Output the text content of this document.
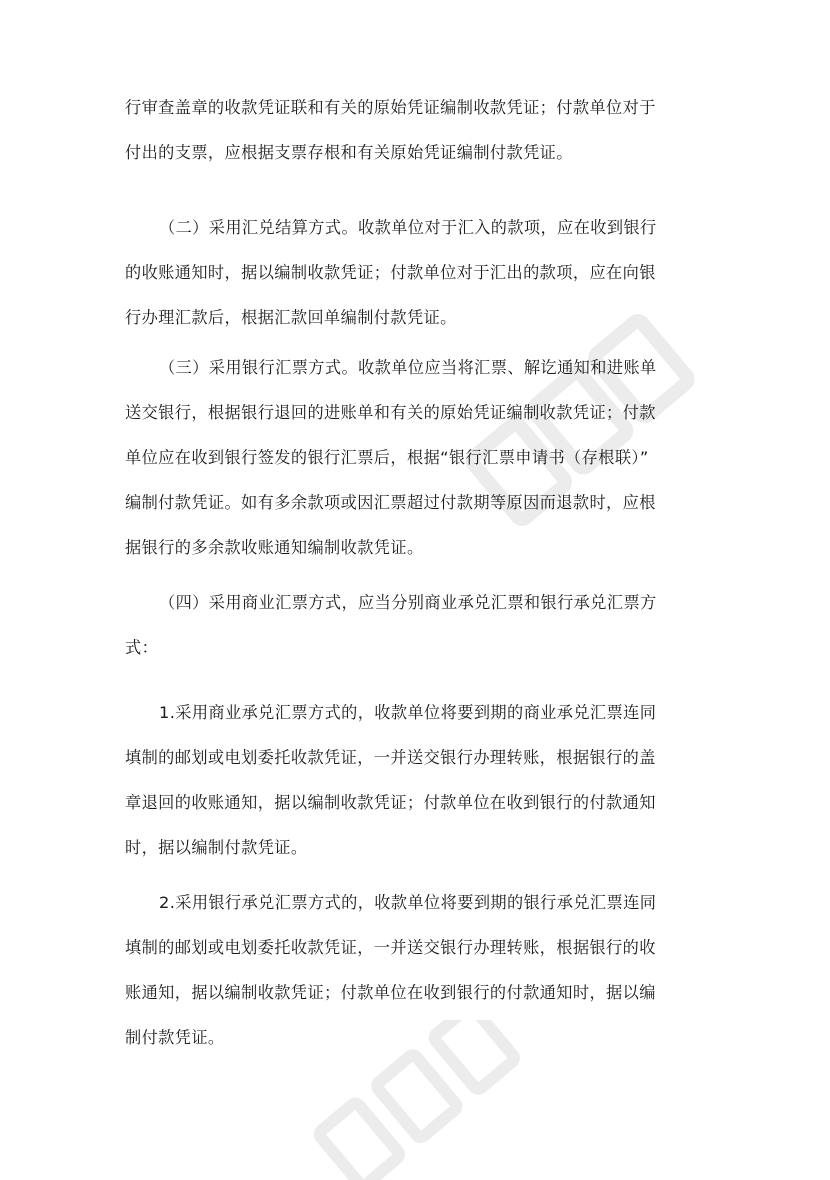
行审查盖章的收款凭证联和有关的原始凭证编制收款凭证；付款单位对于
付出的支票，应根据支票存根和有关原始凭证编制付款凭证。
（二）采用汇兑结算方式。收款单位对于汇入的款项，应在收到银行
的收账通知时，据以编制收款凭证；付款单位对于汇出的款项，应在向银
行办理汇款后，根据汇款回单编制付款凭证。
（三）采用银行汇票方式。收款单位应当将汇票、解讫通知和进账单
送交银行，根据银行退回的进账单和有关的原始凭证编制收款凭证；付款
单位应在收到银行签发的银行汇票后，根据“银行汇票申请书（存根联）”
编制付款凭证。如有多余款项或因汇票超过付款期等原因而退款时，应根
据银行的多余款收账通知编制收款凭证。
（四）采用商业汇票方式，应当分别商业承兑汇票和银行承兑汇票方
式：
1.采用商业承兑汇票方式的，收款单位将要到期的商业承兑汇票连同
填制的邮划或电划委托收款凭证，一并送交银行办理转账，根据银行的盖
章退回的收账通知，据以编制收款凭证；付款单位在收到银行的付款通知
时，据以编制付款凭证。
2.采用银行承兑汇票方式的，收款单位将要到期的银行承兑汇票连同
填制的邮划或电划委托收款凭证，一并送交银行办理转账，根据银行的收
账通知，据以编制收款凭证；付款单位在收到银行的付款通知时，据以编
制付款凭证。
